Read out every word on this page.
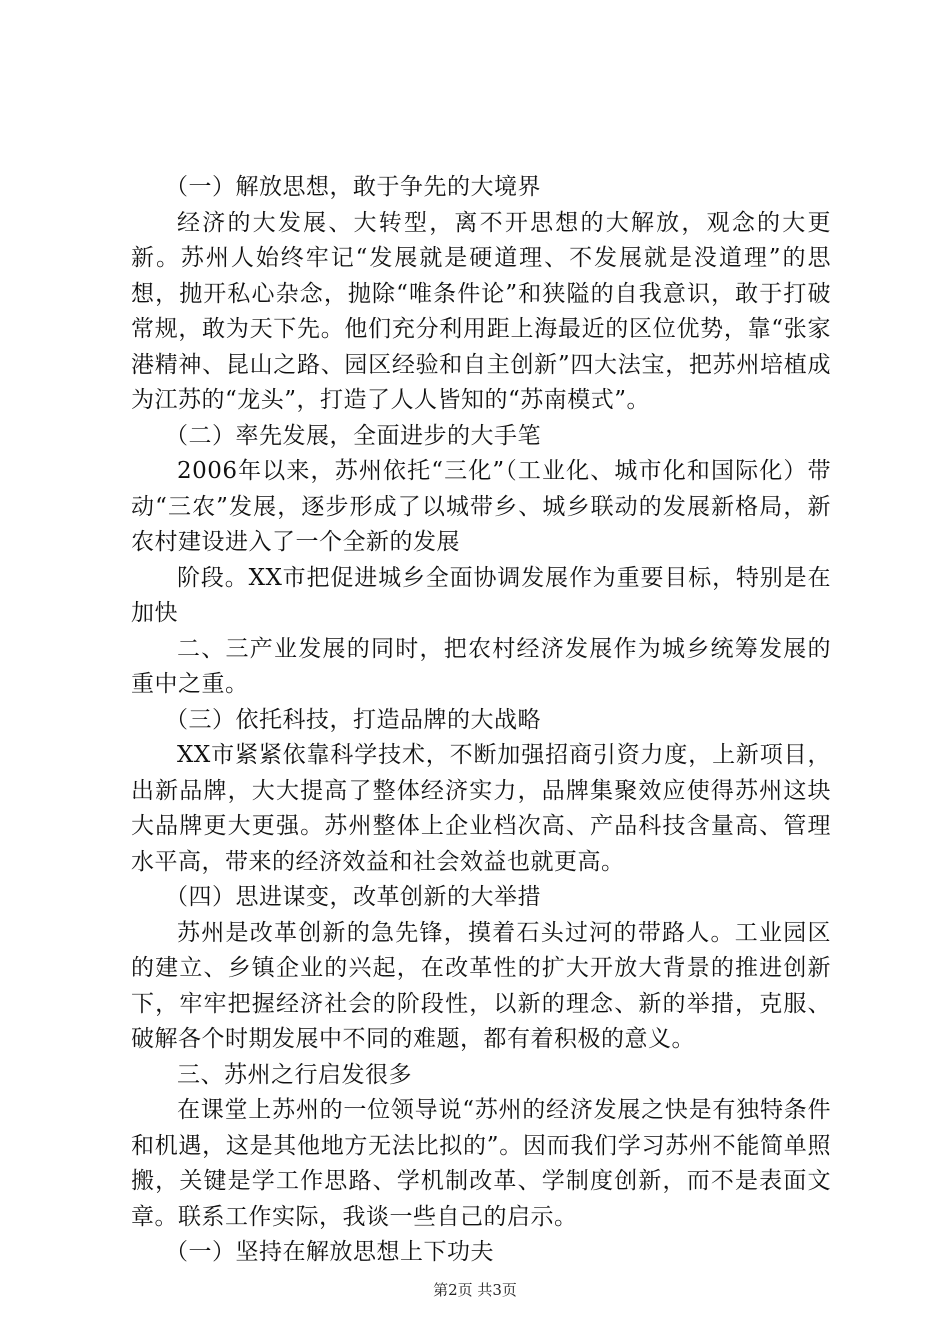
（一）解放思想，敢于争先的大境界

经济的大发展、大转型，离不开思想的大解放，观念的大更新。苏州人始终牢记“发展就是硬道理、不发展就是没道理”的思想，抛开私心杂念，抛除“唯条件论”和狭隘的自我意识，敢于打破常规，敢为天下先。他们充分利用距上海最近的区位优势，靠“张家港精神、昆山之路、园区经验和自主创新”四大法宝，把苏州培植成为江苏的“龙头”，打造了人人皆知的“苏南模式”。

（二）率先发展，全面进步的大手笔

2006年以来，苏州依托“三化”（工业化、城市化和国际化）带动“三农”发展，逐步形成了以城带乡、城乡联动的发展新格局，新农村建设进入了一个全新的发展

阶段。XX市把促进城乡全面协调发展作为重要目标，特别是在加快

二、三产业发展的同时，把农村经济发展作为城乡统筹发展的重中之重。

（三）依托科技，打造品牌的大战略

XX市紧紧依靠科学技术，不断加强招商引资力度，上新项目，出新品牌，大大提高了整体经济实力，品牌集聚效应使得苏州这块大品牌更大更强。苏州整体上企业档次高、产品科技含量高、管理水平高，带来的经济效益和社会效益也就更高。

（四）思进谋变，改革创新的大举措

苏州是改革创新的急先锋，摸着石头过河的带路人。工业园区的建立、乡镇企业的兴起，在改革性的扩大开放大背景的推进创新下，牢牢把握经济社会的阶段性，以新的理念、新的举措，克服、破解各个时期发展中不同的难题，都有着积极的意义。

三、苏州之行启发很多

在课堂上苏州的一位领导说“苏州的经济发展之快是有独特条件和机遇，这是其他地方无法比拟的”。因而我们学习苏州不能简单照搬，关键是学工作思路、学机制改革、学制度创新，而不是表面文章。联系工作实际，我谈一些自己的启示。

（一）坚持在解放思想上下功夫

第2页 共3页
